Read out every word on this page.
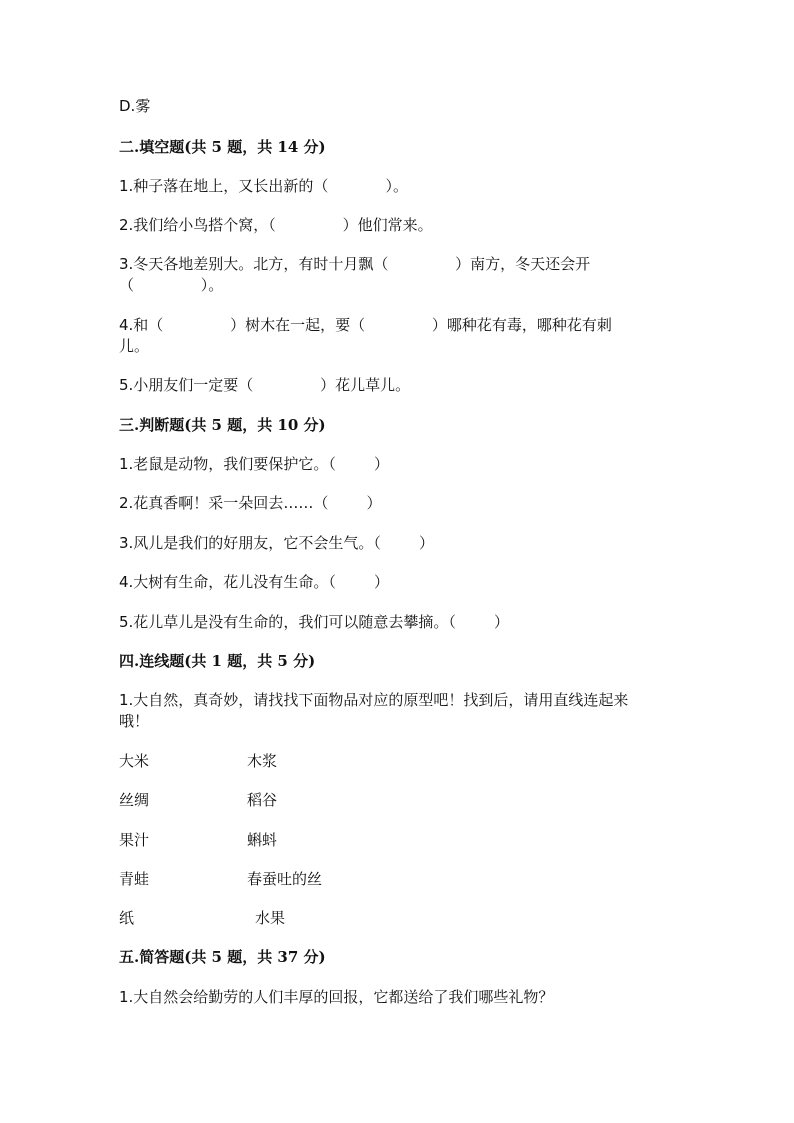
D.雾
二.填空题(共 5 题，共 14 分)
1.种子落在地上，又长出新的（            ）。
2.我们给小鸟搭个窝，（              ）他们常来。
3.冬天各地差别大。北方，有时十月飘（              ）南方，冬天还会开
（              ）。
4.和（              ）树木在一起，要（              ）哪种花有毒，哪种花有刺
儿。
5.小朋友们一定要（              ）花儿草儿。
三.判断题(共 5 题，共 10 分)
1.老鼠是动物，我们要保护它。（        ）
2.花真香啊！采一朵回去……（        ）
3.风儿是我们的好朋友，它不会生气。（        ）
4.大树有生命，花儿没有生命。（        ）
5.花儿草儿是没有生命的，我们可以随意去攀摘。（        ）
四.连线题(共 1 题，共 5 分)
1.大自然，真奇妙，请找找下面物品对应的原型吧！找到后，请用直线连起来
哦！
大米	木浆
丝绸	稻谷
果汁	蝌蚪
青蛙	春蚕吐的丝
纸	水果
五.简答题(共 5 题，共 37 分)
1.大自然会给勤劳的人们丰厚的回报，它都送给了我们哪些礼物？
